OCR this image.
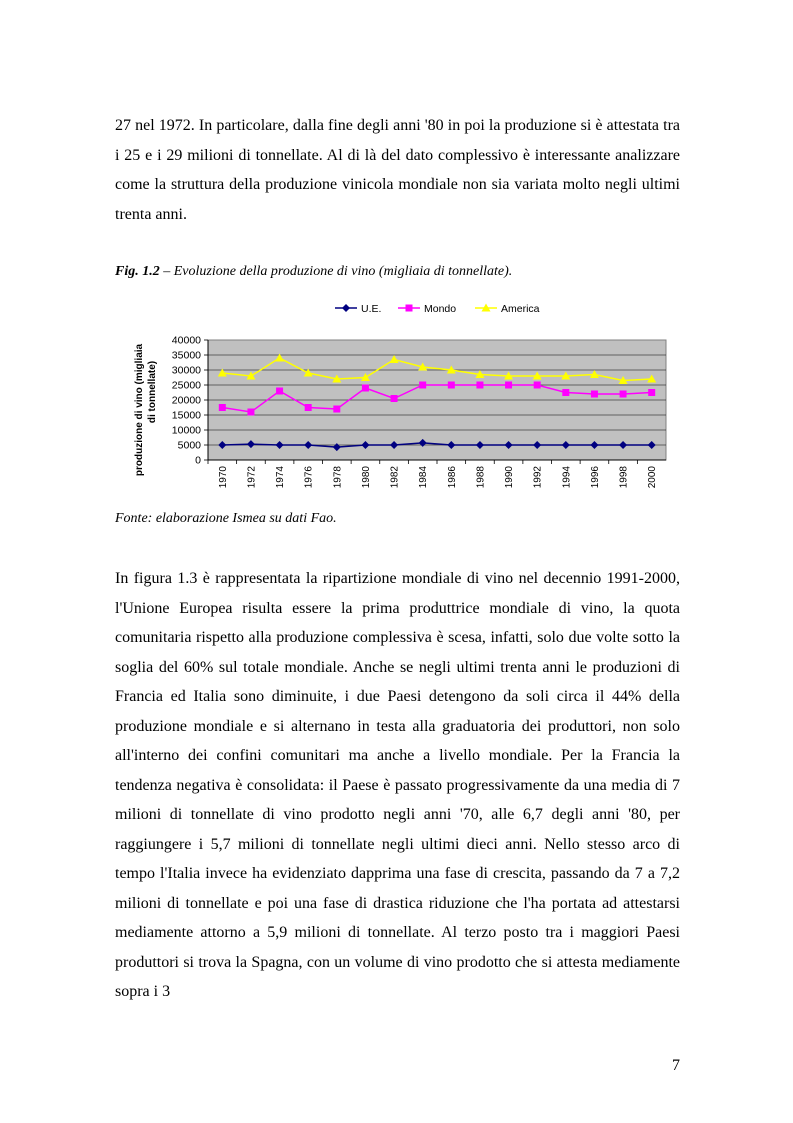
27 nel 1972. In particolare, dalla fine degli anni '80 in poi la produzione si è attestata tra i 25 e i 29 milioni di tonnellate. Al di là del dato complessivo è interessante analizzare come la struttura della produzione vinicola mondiale non sia variata molto negli ultimi trenta anni.

Fig. 1.2 – Evoluzione della produzione di vino (migliaia di tonnellate).

0
5000
10000
15000
20000
25000
30000
35000
40000
1970 1972 1974 1976 1978 1980 1982 1984 1986 1988 1990 1992 1994 1996 1998 2000
produzione di vino (migliaia di tonnellate)
U.E.	Mondo	America

Fonte: elaborazione Ismea su dati Fao.

In figura 1.3 è rappresentata la ripartizione mondiale di vino nel decennio 1991-2000, l'Unione Europea risulta essere la prima produttrice mondiale di vino, la quota comunitaria rispetto alla produzione complessiva è scesa, infatti, solo due volte sotto la soglia del 60% sul totale mondiale. Anche se negli ultimi trenta anni le produzioni di Francia ed Italia sono diminuite, i due Paesi detengono da soli circa il 44% della produzione mondiale e si alternano in testa alla graduatoria dei produttori, non solo all'interno dei confini comunitari ma anche a livello mondiale. Per la Francia la tendenza negativa è consolidata: il Paese è passato progressivamente da una media di 7 milioni di tonnellate di vino prodotto negli anni '70, alle 6,7 degli anni '80, per raggiungere i 5,7 milioni di tonnellate negli ultimi dieci anni. Nello stesso arco di tempo l'Italia invece ha evidenziato dapprima una fase di crescita, passando da 7 a 7,2 milioni di tonnellate e poi una fase di drastica riduzione che l'ha portata ad attestarsi mediamente attorno a 5,9 milioni di tonnellate. Al terzo posto tra i maggiori Paesi produttori si trova la Spagna, con un volume di vino prodotto che si attesta mediamente sopra i 3

7
